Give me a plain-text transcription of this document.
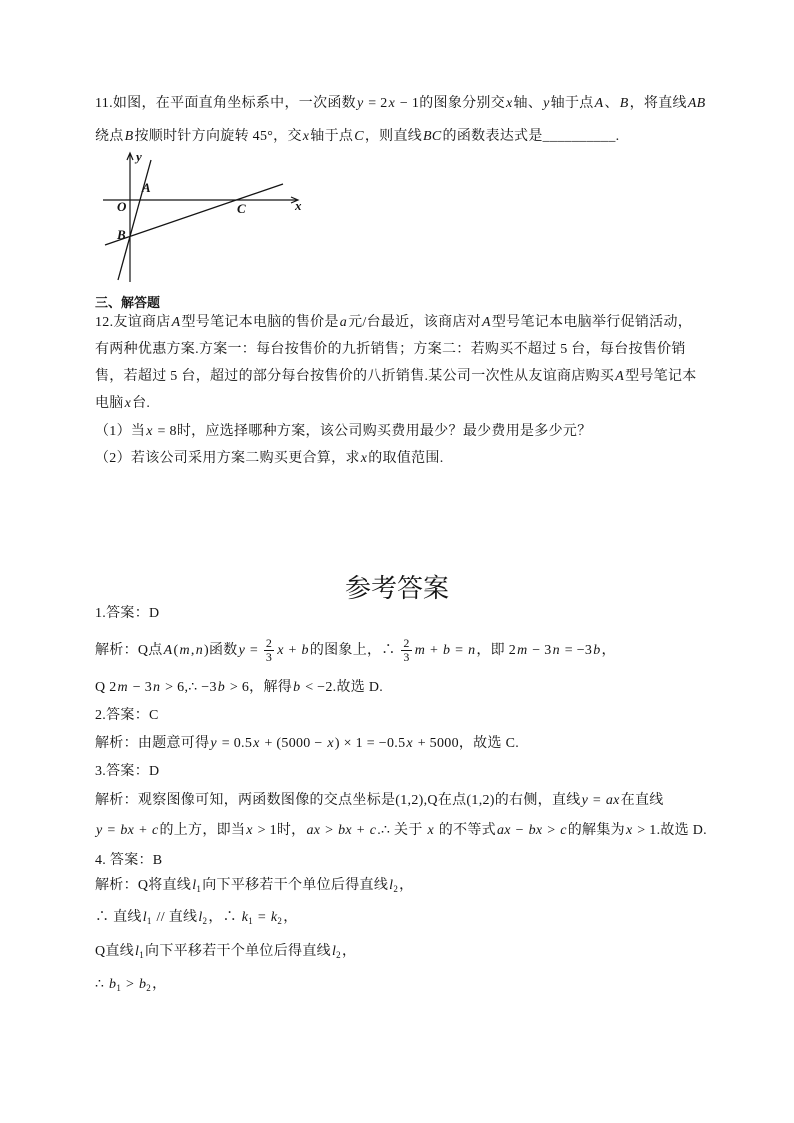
11.如图，在平面直角坐标系中，一次函数y = 2x − 1的图象分别交x轴、y轴于点A、B，将直线AB
绕点B按顺时针方向旋转 45°，交x轴于点C，则直线BC的函数表达式是__________.
y
A
O	C	x
B
三、解答题
12.友谊商店A型号笔记本电脑的售价是a元/台最近，该商店对A型号笔记本电脑举行促销活动，
有两种优惠方案.方案一：每台按售价的九折销售；方案二：若购买不超过 5 台，每台按售价销
售，若超过 5 台，超过的部分每台按售价的八折销售.某公司一次性从友谊商店购买A型号笔记本
电脑x台.
（1）当x = 8时，应选择哪种方案，该公司购买费用最少？最少费用是多少元？
（2）若该公司采用方案二购买更合算，求x的取值范围.
参考答案
1.答案：D
解析：Q点A(m,n)函数$y = \frac{2}{3}$ x + b的图象上，∴ $\frac{2}{3}$ m + b = n，即 2m − 3n = −3b，
Q 2m − 3n > 6,∴ −3b > 6，解得b < −2.故选 D.
2.答案：C
解析：由题意可得y = 0.5x + (5000 − x) × 1 = −0.5x + 5000，故选 C.
3.答案：D
解析：观察图像可知，两函数图像的交点坐标是(1,2),Q在点(1,2)的右侧，直线y = ax在直线
y = bx + c的上方，即当x > 1时，ax > bx + c.∴ 关于 x 的不等式ax − bx > c的解集为x > 1.故选 D.
4. 答案：B
解析：Q将直线$l_1$向下平移若干个单位后得直线$l_2$，
∴ 直线$l_1$ // 直线$l_2$，∴ $k_1 = k_2$，
Q直线$l_1$向下平移若干个单位后得直线$l_2$，
∴ $b_1 > b_2$，
